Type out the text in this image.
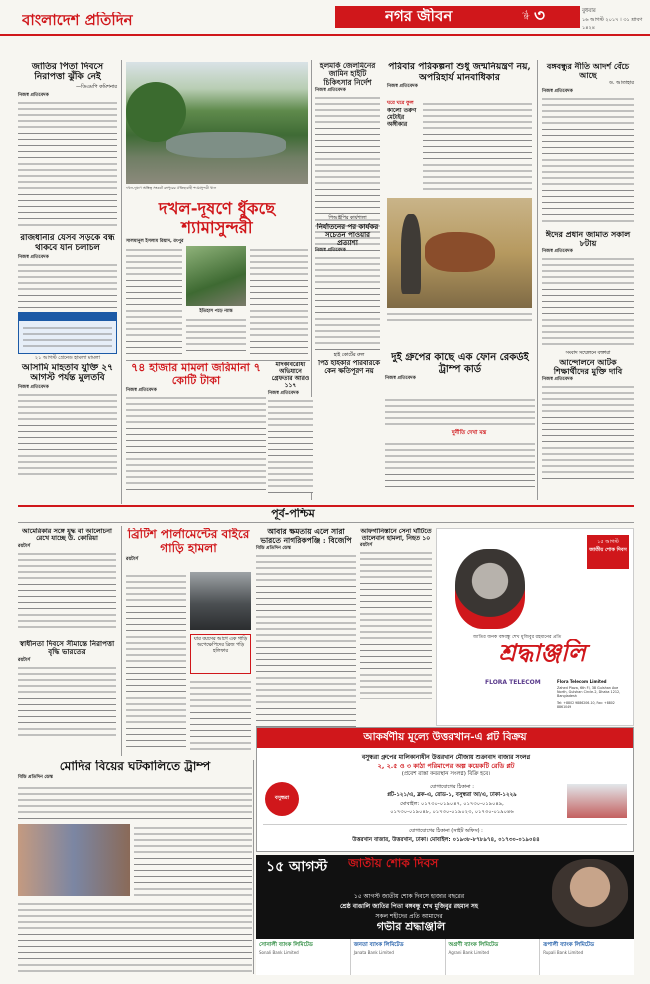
বাংলাদেশ প্রতিদিন	নগর জীবন	পৃষ্ঠা ৩	বুধবার
১৬ আগস্ট ২০১৭ । ৩১ শ্রাবণ ১৪২৪
জাতির পিতা দিবসে নিরাপত্তা ঝুঁকি নেই
—ডিএমপি কমিশনার
নিজস্ব প্রতিবেদক
রাজধানীর যেসব সড়কে বন্ধ থাকবে যান চলাচল
নিজস্ব প্রতিবেদক
২১ আগস্ট গ্রেনেড হামলা মামলা
আসামি মাহতাব যুক্তি ২৭ আগস্ট পর্যন্ত মুলতবি
নিজস্ব প্রতিবেদক
দখল-দূষণে অস্তিত্ব সংকটে রংপুরের ঐতিহ্যবাহী শ্যামাসুন্দরী খাল
দখল-দূষণে ধুঁকছে শ্যামাসুন্দরী
সালমানুল ইসলাম রিয়াদ, রংপুর
ইতিহাস পড়ে ন্যান্ত
হলমার্ক জেলমিনের জামিন হাইটি চিকিৎসার নির্দেশ
নিজস্ব প্রতিবেদক
পরিবার পরিকল্পনা শুধু জন্মনিয়ন্ত্রণ নয়, অপরিহার্য মানবাধিকার
নিজস্ব প্রতিবেদক
ঘরে ঘরে ফুল
কালো তরুণ মেটাইর অঙ্গীকার
পিআইপির কার্যশালা
নির্যাতনের পর কার্যকর সচেতন পাওয়ার প্রত্যাশা
নিজস্ব প্রতিবেদক
হাই কোর্টের রুল
পিঠ হাইকার পরিবারকে কেন ক্ষতিপূরণ নয়
দুই গ্রুপের কাছে এক ফোন রেকর্ডই ট্রাম্প কার্ড
নিজস্ব প্রতিবেদক
দুর্নীতি দেখা মন্ত্র
বঙ্গবন্ধুর নীতি আদর্শ বেঁচে আছে
ড. আতাহার
নিজস্ব প্রতিবেদক
ঈদের প্রধান জামাত সকাল ৮টায়
নিজস্ব প্রতিবেদক
সংবাদ সম্মেলনে বক্তারা
আন্দোলনে আটক শিক্ষার্থীদের মুক্তি দাবি
নিজস্ব প্রতিবেদক
৭৪ হাজার মামলা জরিমানা ৭ কোটি টাকা
নিজস্ব প্রতিবেদক
মাদকবিরোধী অভিযানে গ্রেফতার আরও ১১৭
নিজস্ব প্রতিবেদক
পূর্ব-পশ্চিম
আমেরিকার সঙ্গে যুদ্ধ বা আলোচনা রেখে যাচ্ছে উ. কোরিয়া
রয়টার্স
স্বাধীনতা দিবসে সীমান্তে নিরাপত্তা বৃদ্ধি ভারতের
রয়টার্স
ব্রিটিশ পার্লামেন্টের বাইরে গাড়ি হামলা
রয়টার্স
যার বয়সের আগে এক গাড়ি অপেক্ষেপিদের ব্রিজ পড়ি হলিফার
আবার ক্ষমতায় এলে সারা ভারতে নাগরিকপঞ্জি : বিজেপি
বিডি প্রতিদিন ডেস্ক
আফগানিস্তানে সেনা ঘাঁটিতে তালেবান হামলা, নিহত ১০
রয়টার্স
১৫ আগস্ট
জাতীয় শোক দিবস
জাতির জনক বঙ্গবন্ধু শেখ মুজিবুর রহমানের প্রতি
শ্রদ্ধাঞ্জলি
FLORA TELECOM	Flora Telecom Limited
Zahed Plaza, 6th Fl, 38 Gulshan Ave North, Gulshan Circle-2, Dhaka 1212, Bangladesh
Tel: +8802 9886206-10, Fax: +8802 8861049
আকর্ষণীয় মূল্যে উত্তরখান-এ প্লট বিক্রয়
বসুন্ধরা গ্রুপের মালিকানাধীন উত্তরখান মৌজায় শুক্রাবাদ বাজার সংলগ্ন
২, ২.৫ ও ৩ কাঠা পরিমাপের অল্প কয়েকটি রেডি প্লট
(প্রবেশ রাস্তা কবরস্থান সংলগ্ন) বিক্রি হবে।
বসুন্ধরা
যোগাযোগের ঠিকানা :
প্লট-১২১/এ, ব্লক-এ, রোড-১, বসুন্ধরা আ/এ, ঢাকা-১২২৯
মোবাইল: ০১৭৩০-০১৯০৪৭, ০১৭৩০-০১৯০৪৯,
০১৭৩০-০১৯০৪৮, ০১৭৩০-০১৯০২৩, ০১৭৩০-০১৯০৪৬
যোগাযোগের ঠিকানা (সাইট অফিস) :
উত্তরখান বাজার, উত্তরখান, ঢাকা। মোবাইল: ০১৯৩৮-৮৭৮৯৭৪, ০১৭৩০-০১৯০৪৪
মোদির বিয়ের ঘটকালিতে ট্রাম্প
বিডি প্রতিদিন ডেস্ক
১৫ আগস্ট	জাতীয় শোক দিবস
১৫ আগস্ট জাতীয় শোক দিবসে হাজার বছরের
শ্রেষ্ঠ বাঙালি জাতির পিতা বঙ্গবন্ধু শেখ মুজিবুর রহমান সহ
সকল শহীদের প্রতি আমাদের
গভীর শ্রদ্ধাঞ্জলি
সোনালী ব্যাংক লিমিটেড
Sonali Bank Limited
জনতা ব্যাংক লিমিটেড
Janata Bank Limited
অগ্রণী ব্যাংক লিমিটেড
Agrani Bank Limited
রূপালী ব্যাংক লিমিটেড
Rupali Bank Limited
